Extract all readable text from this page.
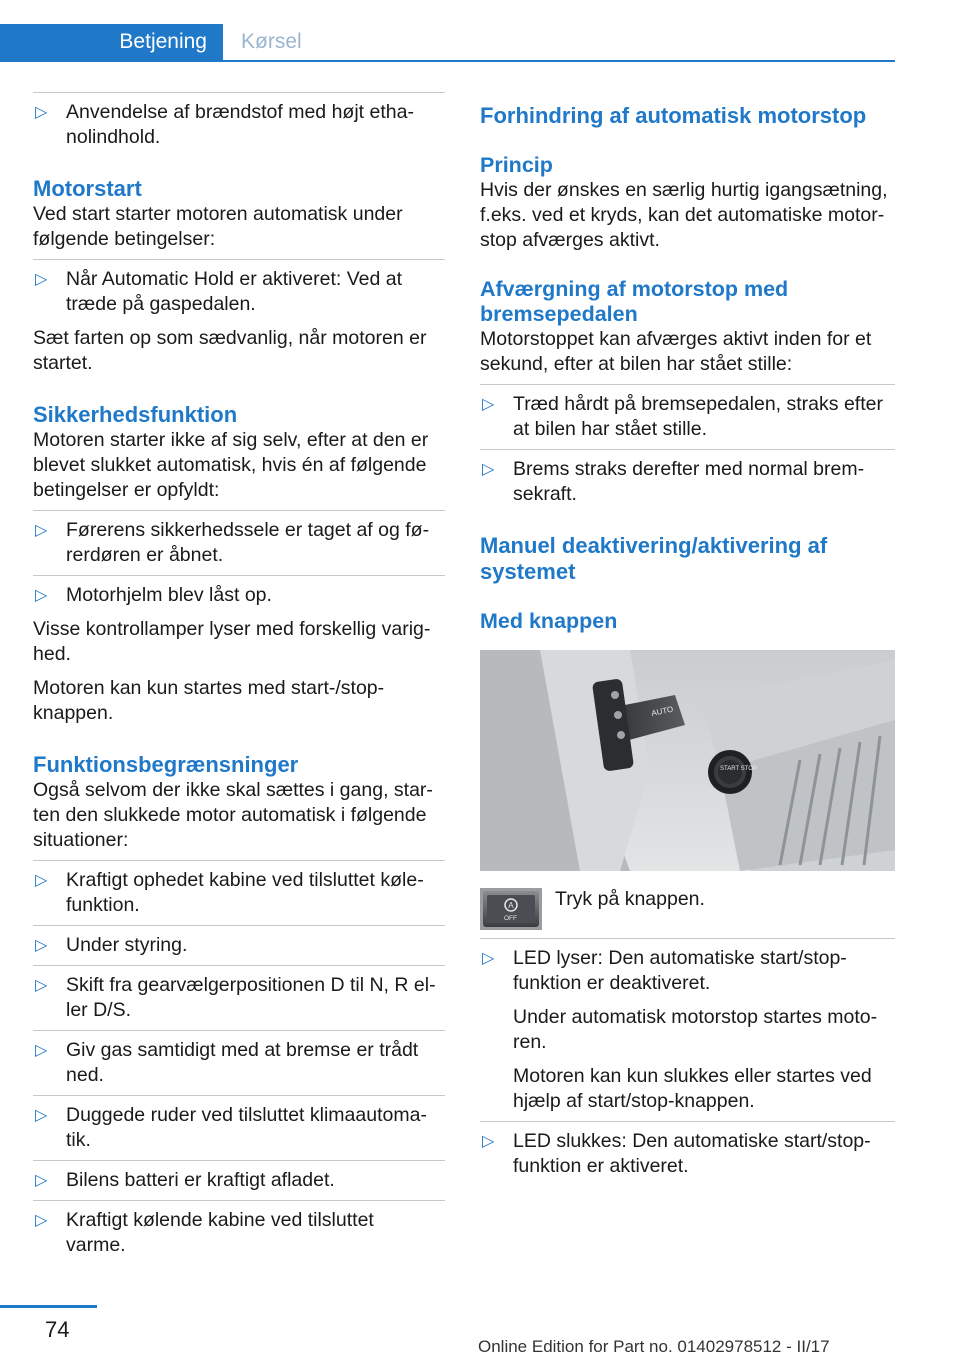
Betjening	Kørsel
▷ Anvendelse af brændstof med højt etha-
nolindhold.
Motorstart

Ved start starter motoren automatisk under følgende betingelser:

▷ Når Automatic Hold er aktiveret: Ved at træde på gaspedalen.

Sæt farten op som sædvanlig, når motoren er startet.

Sikkerhedsfunktion

Motoren starter ikke af sig selv, efter at den er blevet slukket automatisk, hvis én af følgende betingelser er opfyldt:

▷ Førerens sikkerhedssele er taget af og fø-
rerdøren er åbnet.
▷ Motorhjelm blev låst op.

Visse kontrollamper lyser med forskellig varig-
hed.

Motoren kan kun startes med start-/stop-
knappen.

Funktionsbegrænsninger

Også selvom der ikke skal sættes i gang, star-
ten den slukkede motor automatisk i følgende situationer:

▷ Kraftigt ophedet kabine ved tilsluttet køle-
funktion.
▷ Under styring.
▷ Skift fra gearvælgerpositionen D til N, R el-
ler D/S.
▷ Giv gas samtidigt med at bremse er trådt
ned.
▷ Duggede ruder ved tilsluttet klimaautoma-
tik.
▷ Bilens batteri er kraftigt afladet.
▷ Kraftigt kølende kabine ved tilsluttet
varme.
Forhindring af automatisk motorstop
Princip

Hvis der ønskes en særlig hurtig igangsætning, f.eks. ved et kryds, kan det automatiske motor-
stop afværges aktivt.

Afværgning af motorstop med bremsepedalen

Motorstoppet kan afværges aktivt inden for et sekund, efter at bilen har stået stille:

▷ Træd hårdt på bremsepedalen, straks efter at bilen har stået stille.
▷ Brems straks derefter med normal brem-
sekraft.
Manuel deaktivering/aktivering af systemet
Med knappen
AUTO
START STOP
A
OFF
Tryk på knappen.
▷ LED lyser: Den automatiske start/stop-
funktion er deaktiveret.

Under automatisk motorstop startes moto-
ren.

Motoren kan kun slukkes eller startes ved hjælp af start/stop-knappen.

▷ LED slukkes: Den automatiske start/stop-
funktion er aktiveret.
74
Online Edition for Part no. 01402978512 - II/17
